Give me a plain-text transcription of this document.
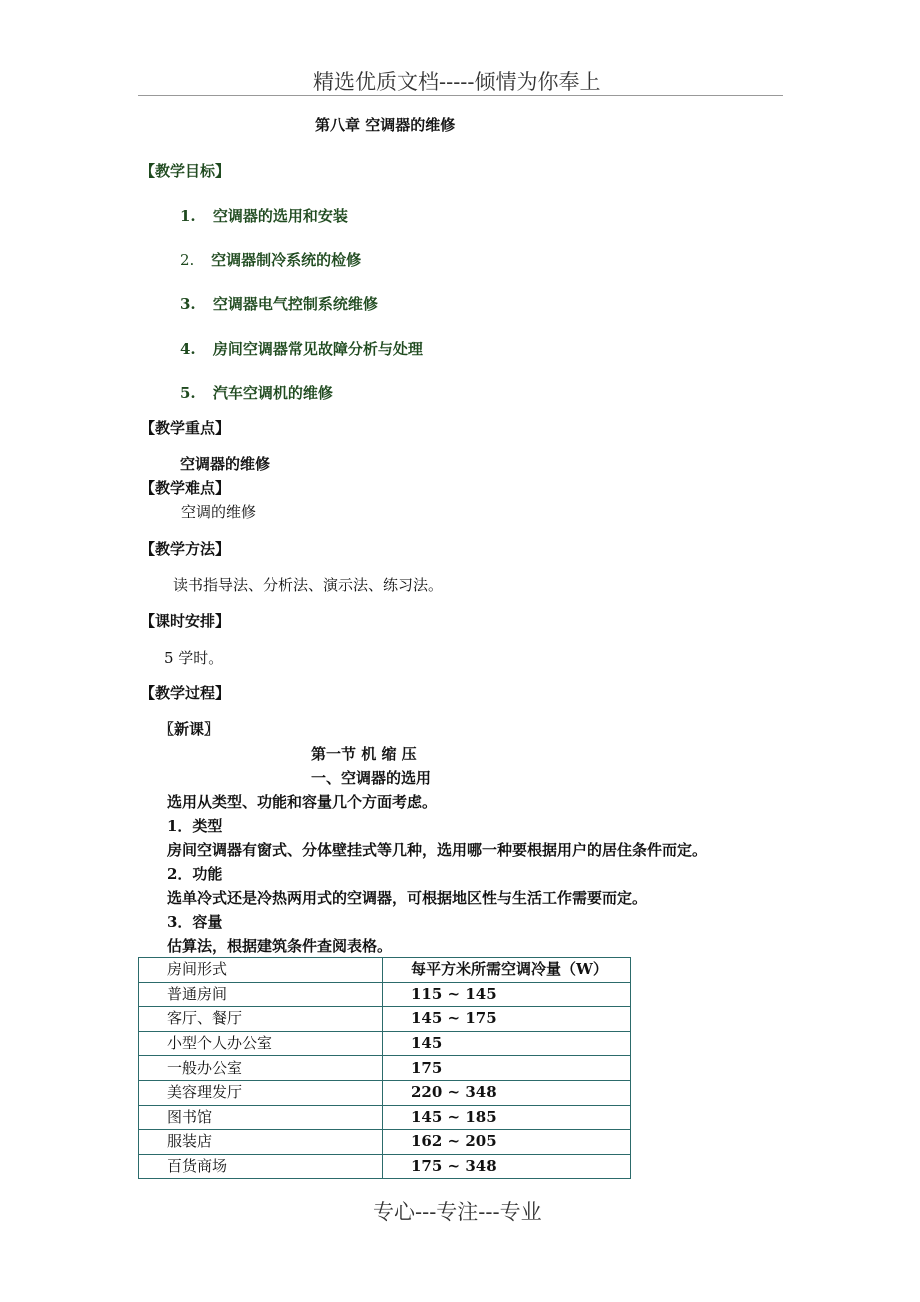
精选优质文档-----倾情为你奉上
第八章 空调器的维修
【教学目标】
1. 空调器的选用和安装
2. 空调器制冷系统的检修
3. 空调器电气控制系统维修
4. 房间空调器常见故障分析与处理
5. 汽车空调机的维修
【教学重点】
空调器的维修
【教学难点】
空调的维修
【教学方法】
读书指导法、分析法、演示法、练习法。
【课时安排】
5 学时。
【教学过程】
〖新课〗
第一节 机 缩 压
一、空调器的选用
选用从类型、功能和容量几个方面考虑。
1．类型
房间空调器有窗式、分体壁挂式等几种，选用哪一种要根据用户的居住条件而定。
2．功能
选单冷式还是冷热两用式的空调器，可根据地区性与生活工作需要而定。
3．容量
估算法，根据建筑条件查阅表格。
房间形式	每平方米所需空调冷量（W）
普通房间	115 ~ 145
客厅、餐厅	145 ~ 175
小型个人办公室	145
一般办公室	175
美容理发厅	220 ~ 348
图书馆	145 ~ 185
服装店	162 ~ 205
百货商场	175 ~ 348
专心---专注---专业
